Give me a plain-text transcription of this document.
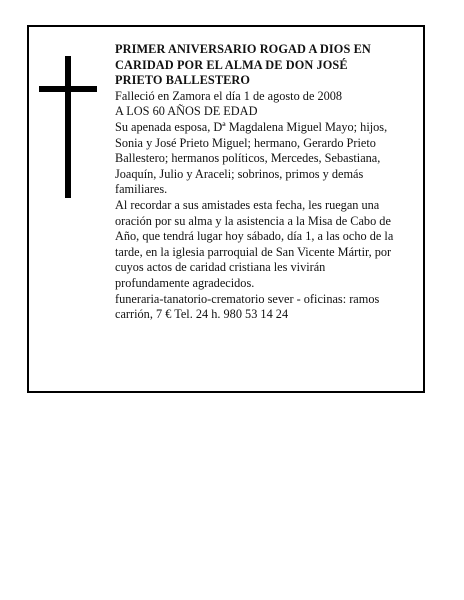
PRIMER ANIVERSARIO ROGAD A DIOS EN CARIDAD POR EL ALMA DE DON JOSÉ PRIETO BALLESTERO

Falleció en Zamora el día 1 de agosto de 2008

A LOS 60 AÑOS DE EDAD

Su apenada esposa, Dª Magdalena Miguel Mayo; hijos, Sonia y José Prieto Miguel; hermano, Gerardo Prieto Ballestero; hermanos políticos, Mercedes, Sebastiana, Joaquín, Julio y Araceli; sobrinos, primos y demás familiares.

Al recordar a sus amistades esta fecha, les ruegan una oración por su alma y la asistencia a la Misa de Cabo de Año, que tendrá lugar hoy sábado, día 1, a las ocho de la tarde, en la iglesia parroquial de San Vicente Mártir, por cuyos actos de caridad cristiana les vivirán profundamente agradecidos.

funeraria-tanatorio-crematorio sever - oficinas: ramos carrión, 7 € Tel. 24 h. 980 53 14 24
